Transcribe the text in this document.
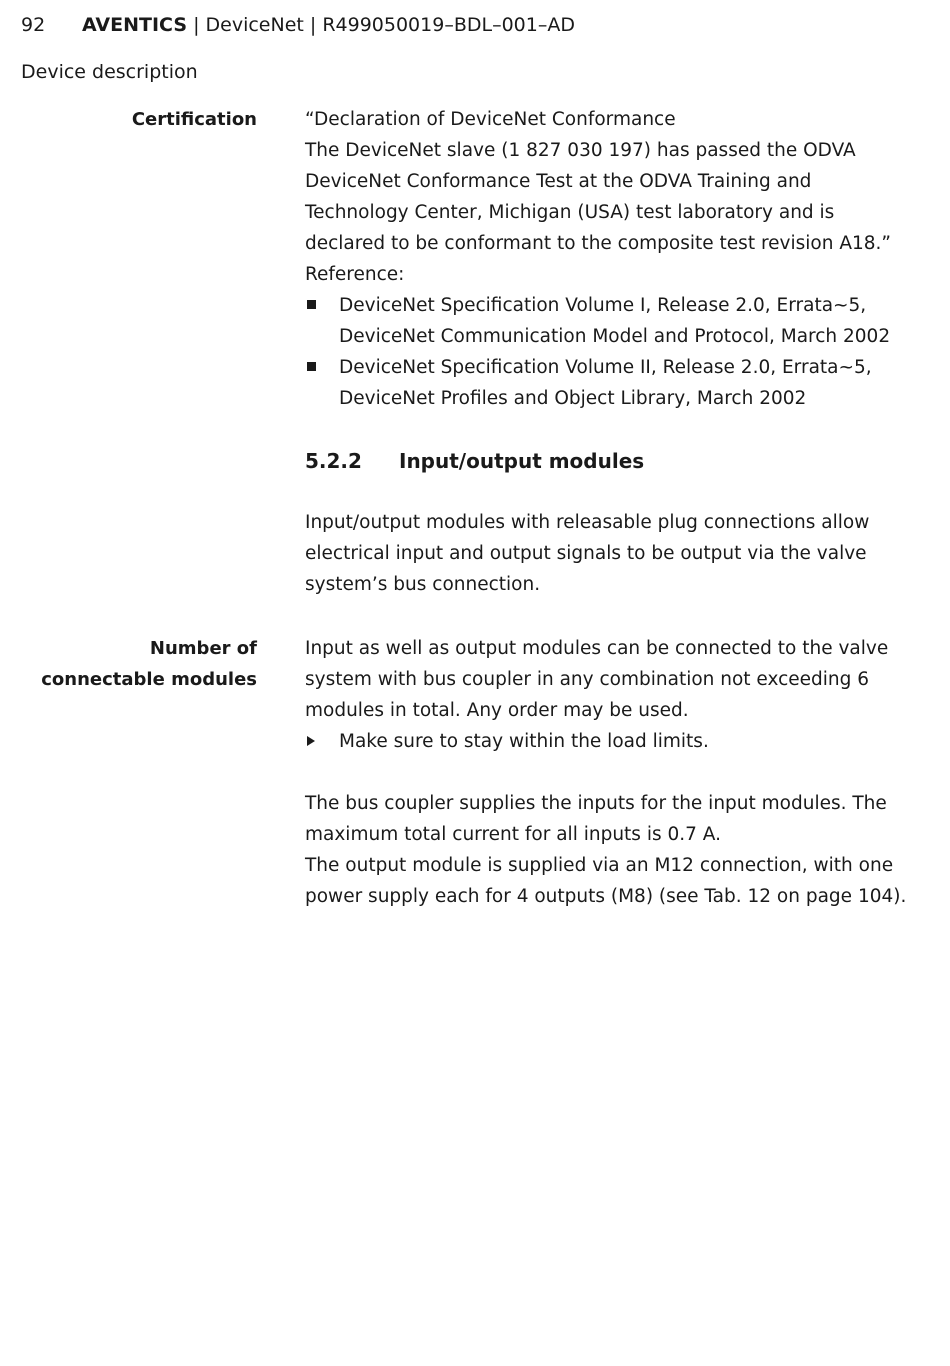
92 AVENTICS | DeviceNet | R499050019–BDL–001–AD
Device description
Certification	“Declaration of DeviceNet Conformance

The DeviceNet slave (1 827 030 197) has passed the ODVA DeviceNet Conformance Test at the ODVA Training and Technology Center, Michigan (USA) test laboratory and is declared to be conformant to the composite test revision A18.”

Reference:

DeviceNet Specification Volume I, Release 2.0, Errata~5, DeviceNet Communication Model and Protocol, March 2002
DeviceNet Specification Volume II, Release 2.0, Errata~5, DeviceNet Profiles and Object Library, March 2002
5.2.2 Input/output modules

Input/output modules with releasable plug connections allow electrical input and output signals to be output via the valve system’s bus connection.

Number of
connectable modules

Input as well as output modules can be connected to the valve system with bus coupler in any combination not exceeding 6 modules in total. Any order may be used.

Make sure to stay within the load limits.

The bus coupler supplies the inputs for the input modules. The maximum total current for all inputs is 0.7 A.

The output module is supplied via an M12 connection, with one power supply each for 4 outputs (M8) (see Tab. 12 on page 104).
